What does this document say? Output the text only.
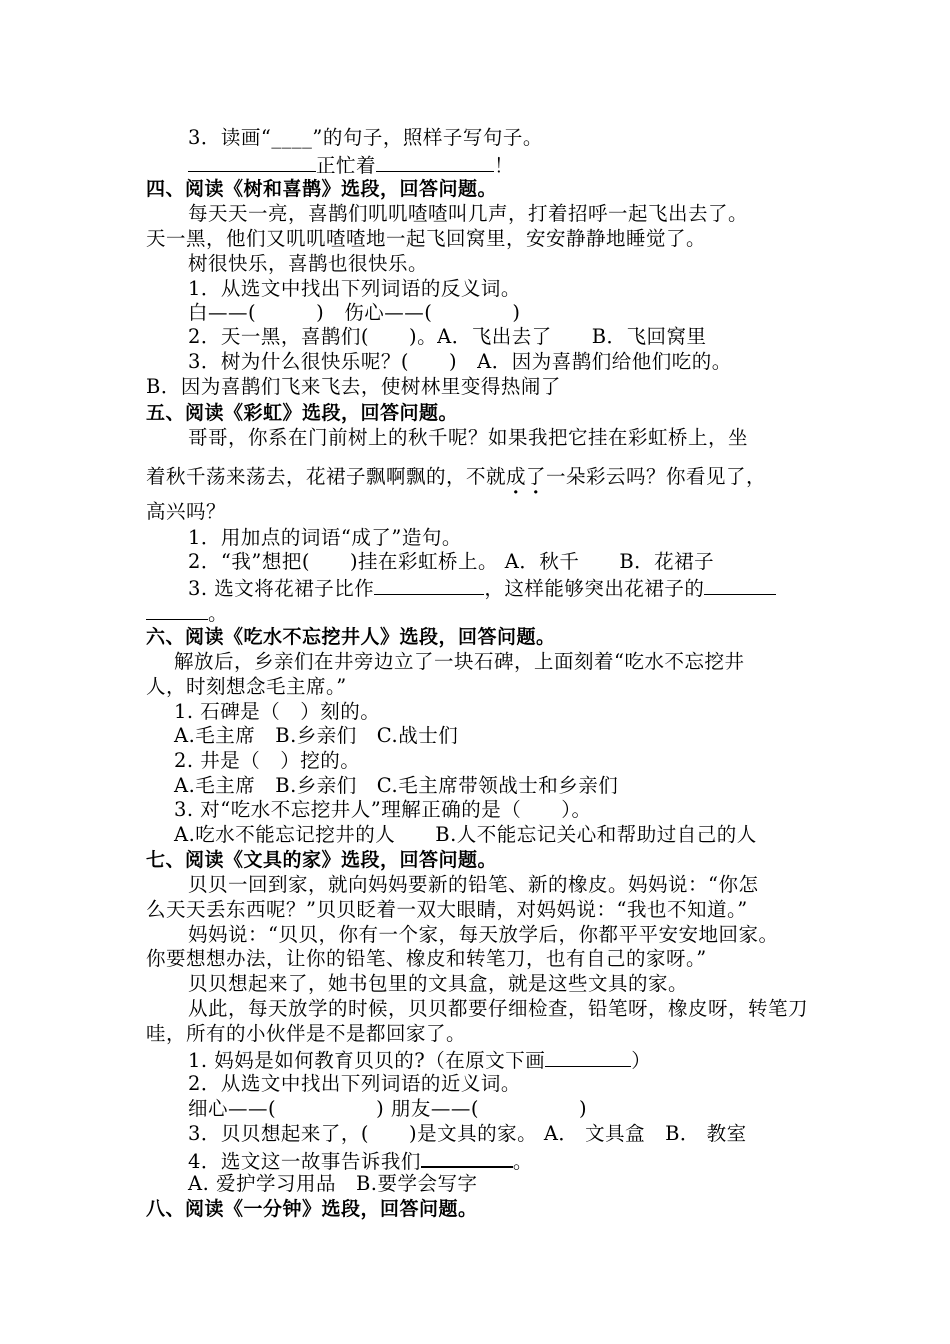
3．读画“____”的句子，照样子写句子。
正忙着	！
四、阅读《树和喜鹊》选段，回答问题。
每天天一亮，喜鹊们叽叽喳喳叫几声，打着招呼一起飞出去了。
天一黑，他们又叽叽喳喳地一起飞回窝里，安安静静地睡觉了。
树很快乐，喜鹊也很快乐。
1．从选文中找出下列词语的反义词。
白——(　　　)　伤心——(　　　　)
2．天一黑，喜鹊们(　　)。A．飞出去了　　B．飞回窝里
3．树为什么很快乐呢？(　　)　A．因为喜鹊们给他们吃的。
B．因为喜鹊们飞来飞去，使树林里变得热闹了
五、阅读《彩虹》选段，回答问题。
哥哥，你系在门前树上的秋千呢？如果我把它挂在彩虹桥上，坐
着秋千荡来荡去，花裙子飘啊飘的，不就成了一朵彩云吗？你看见了，
高兴吗？
1．用加点的词语“成了”造句。
2．“我”想把(　　)挂在彩虹桥上。 A．秋千　　B．花裙子
3. 选文将花裙子比作	，这样能够突出花裙子的
。
六、阅读《吃水不忘挖井人》选段，回答问题。
解放后，乡亲们在井旁边立了一块石碑，上面刻着“吃水不忘挖井
人，时刻想念毛主席。”
1. 石碑是（　）刻的。
A.毛主席　B.乡亲们　C.战士们
2. 井是（　）挖的。
A.毛主席　B.乡亲们　C.毛主席带领战士和乡亲们
3. 对“吃水不忘挖井人”理解正确的是（　　）。
A.吃水不能忘记挖井的人　　B.人不能忘记关心和帮助过自己的人
七、阅读《文具的家》选段，回答问题。
贝贝一回到家，就向妈妈要新的铅笔、新的橡皮。妈妈说：“你怎
么天天丢东西呢？”贝贝眨着一双大眼睛，对妈妈说：“我也不知道。”
妈妈说：“贝贝，你有一个家，每天放学后，你都平平安安地回家。
你要想想办法，让你的铅笔、橡皮和转笔刀，也有自己的家呀。”
贝贝想起来了，她书包里的文具盒，就是这些文具的家。
从此，每天放学的时候，贝贝都要仔细检查，铅笔呀，橡皮呀，转笔刀
哇，所有的小伙伴是不是都回家了。
1. 妈妈是如何教育贝贝的?（在原文下画	）
2．从选文中找出下列词语的近义词。
细心——(　　　　　) 朋友——(　　　　　)
3．贝贝想起来了，(　　)是文具的家。 A． 文具盒　B． 教室
4．选文这一故事告诉我们	。
A. 爱护学习用品　B.要学会写字
八、阅读《一分钟》选段，回答问题。
